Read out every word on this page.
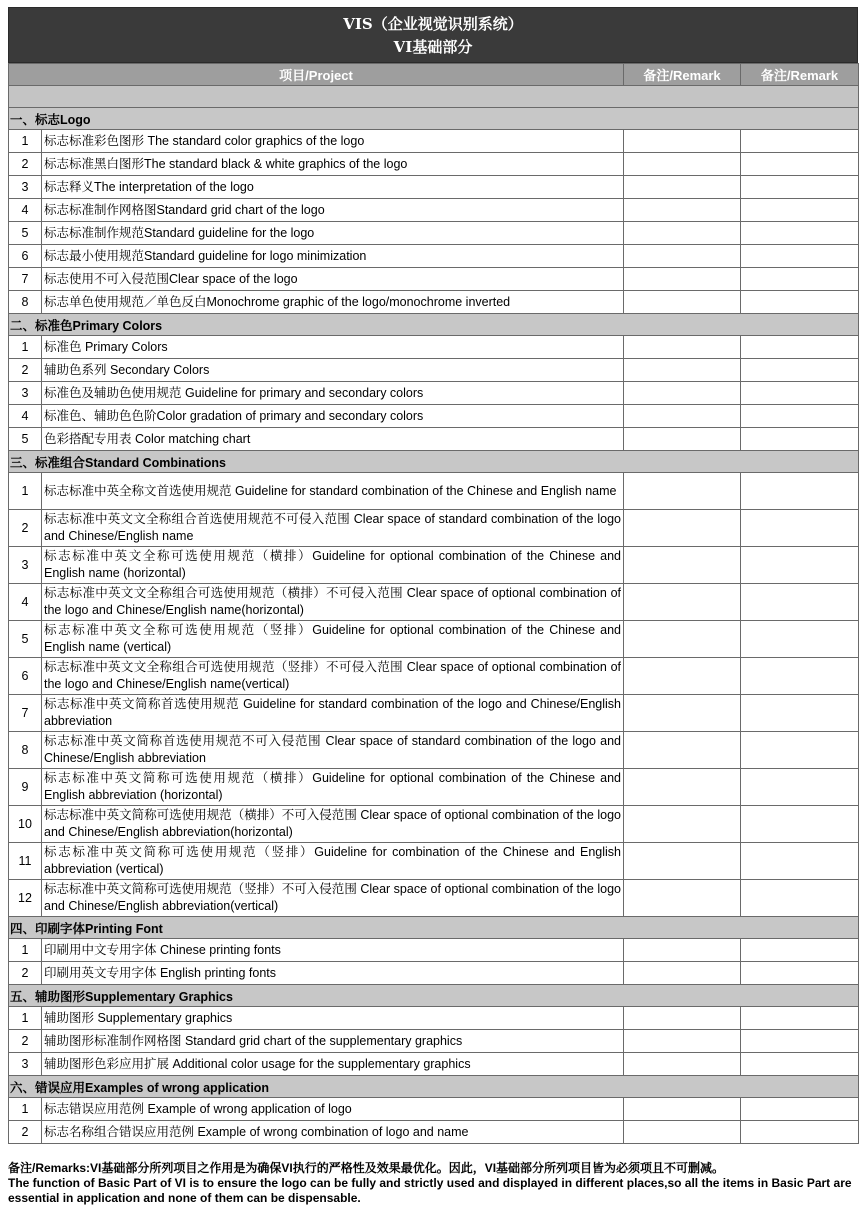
VIS（企业视觉识别系统）
VI基础部分
项目/Project		备注/Remark	备注/Remark

一、标志Logo			
1	标志标准彩色图形 The standard color graphics of the logo		
2	标志标准黑白图形The standard black & white graphics of the logo		
3	标志释义The interpretation of the logo		
4	标志标准制作网格图Standard grid chart of the logo		
5	标志标准制作规范Standard guideline for the logo		
6	标志最小使用规范Standard guideline for logo minimization		
7	标志使用不可入侵范围Clear space of the logo		
8	标志单色使用规范／单色反白Monochrome graphic of the logo/monochrome inverted		
二、标准色Primary Colors			
1	标准色 Primary Colors		
2	辅助色系列 Secondary Colors		
3	标准色及辅助色使用规范 Guideline for primary and secondary colors		
4	标准色、辅助色色阶Color gradation of primary and secondary colors		
5	色彩搭配专用表 Color matching chart		
三、标准组合Standard Combinations			
1	标志标准中英全称文首选使用规范 Guideline for standard combination of the Chinese and English name		
2	标志标准中英文文全称组合首选使用规范不可侵入范围 Clear space of standard combination of the logo and Chinese/English name		
3	标志标准中英文全称可选使用规范（横排）Guideline for optional combination of the Chinese and English name (horizontal)		
4	标志标准中英文文全称组合可选使用规范（横排）不可侵入范围 Clear space of optional combination of the logo and Chinese/English name(horizontal)		
5	标志标准中英文全称可选使用规范（竖排）Guideline for optional combination of the Chinese and English name (vertical)		
6	标志标准中英文文全称组合可选使用规范（竖排）不可侵入范围 Clear space of optional combination of the logo and Chinese/English name(vertical)		
7	标志标准中英文简称首选使用规范 Guideline for standard combination of the logo and Chinese/English abbreviation		
8	标志标准中英文简称首选使用规范不可入侵范围 Clear space of standard combination of the logo and Chinese/English abbreviation		
9	标志标准中英文简称可选使用规范（横排）Guideline for optional combination of the Chinese and English abbreviation (horizontal)		
10	标志标准中英文简称可选使用规范（横排）不可入侵范围 Clear space of optional combination of the logo and Chinese/English abbreviation(horizontal)		
11	标志标准中英文简称可选使用规范（竖排）Guideline for combination of the Chinese and English abbreviation (vertical)		
12	标志标准中英文简称可选使用规范（竖排）不可入侵范围 Clear space of optional combination of the logo and Chinese/English abbreviation(vertical)		
四、印刷字体Printing Font			
1	印刷用中文专用字体 Chinese printing fonts		
2	印刷用英文专用字体 English printing fonts		
五、辅助图形Supplementary Graphics			
1	辅助图形 Supplementary graphics		
2	辅助图形标准制作网格图 Standard grid chart of the supplementary graphics		
3	辅助图形色彩应用扩展 Additional color usage for the supplementary graphics		
六、错误应用Examples of wrong application			
1	标志错误应用范例 Example of wrong application of logo		
2	标志名称组合错误应用范例 Example of wrong combination of logo and name		

备注/Remarks:VI基础部分所列项目之作用是为确保VI执行的严格性及效果最优化。因此，VI基础部分所列项目皆为必须项且不可删减。

The function of Basic Part of VI is to ensure the logo can be fully and strictly used and displayed in different places,so all the items in Basic Part are essential in application and none of them can be dispensable.
